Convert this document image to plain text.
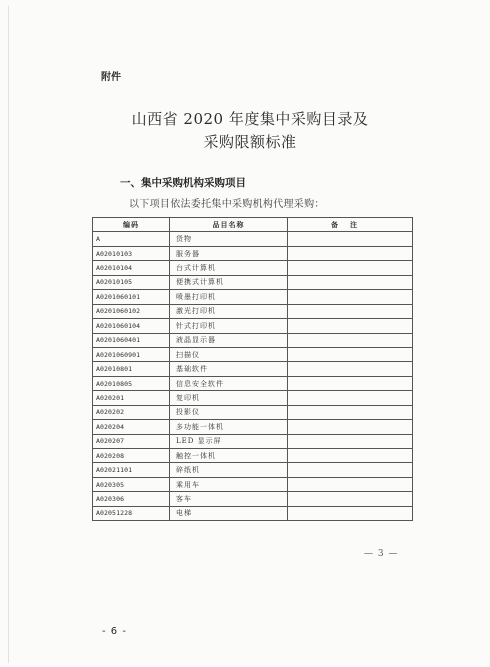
附件
山西省 2020 年度集中采购目录及
采购限额标准
一、集中采购机构采购项目
以下项目依法委托集中采购机构代理采购：
编码	品目名称	备注
A	货物	
A02010103	服务器	
A02010104	台式计算机	
A02010105	便携式计算机	
A0201060101	喷墨打印机	
A0201060102	激光打印机	
A0201060104	针式打印机	
A0201060401	液晶显示器	
A0201060901	扫描仪	
A02010801	基础软件	
A02010805	信息安全软件	
A020201	复印机	
A020202	投影仪	
A020204	多功能一体机	
A020207	LED 显示屏	
A020208	触控一体机	
A02021101	碎纸机	
A020305	乘用车	
A020306	客车	
A02051228	电梯	
— 3 —
- 6 -
